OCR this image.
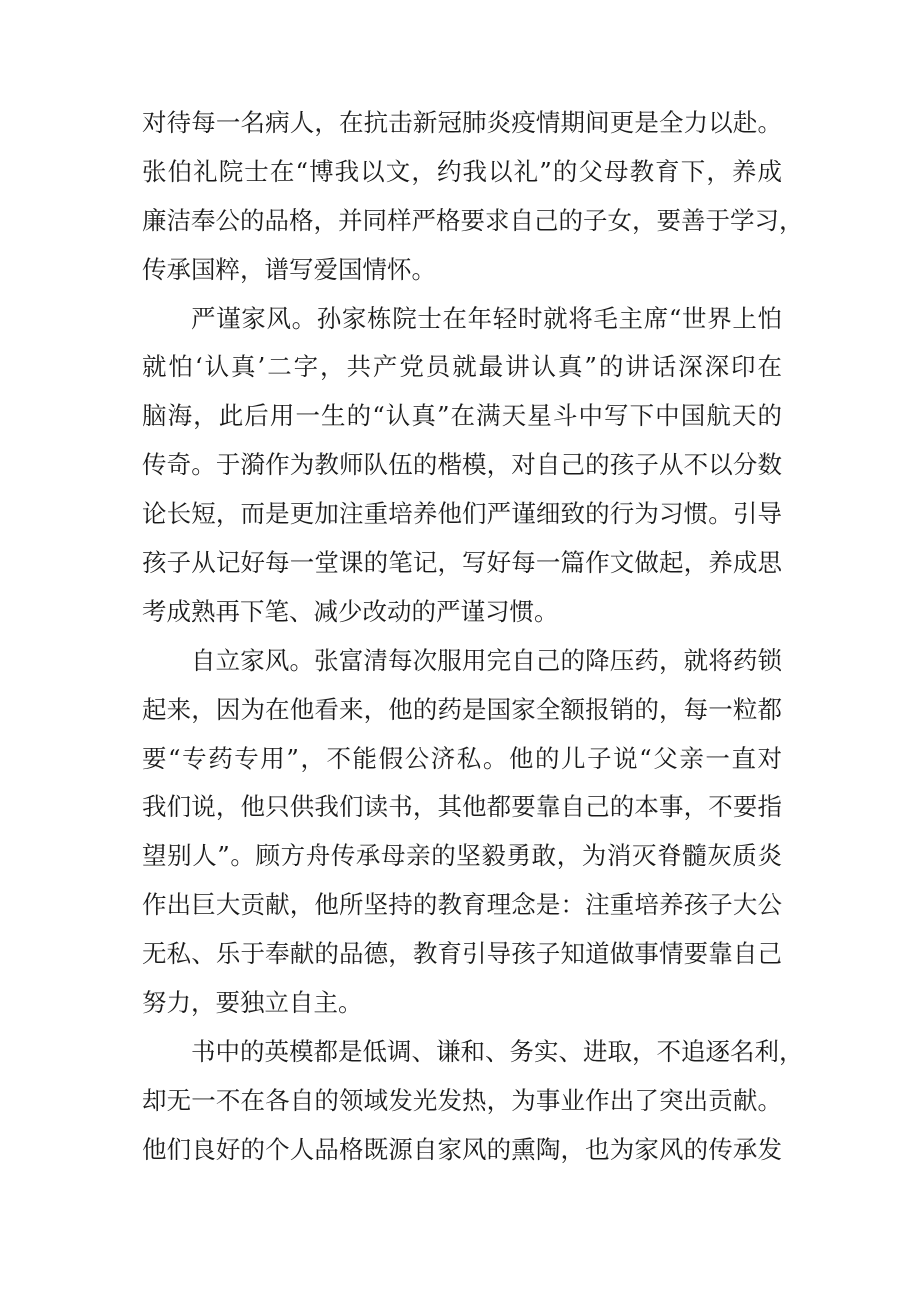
对待每一名病人，在抗击新冠肺炎疫情期间更是全力以赴。
张伯礼院士在“博我以文，约我以礼”的父母教育下，养成
廉洁奉公的品格，并同样严格要求自己的子女，要善于学习，
传承国粹，谱写爱国情怀。
严谨家风。孙家栋院士在年轻时就将毛主席“世界上怕
就怕‘认真’二字，共产党员就最讲认真”的讲话深深印在
脑海，此后用一生的“认真”在满天星斗中写下中国航天的
传奇。于漪作为教师队伍的楷模，对自己的孩子从不以分数
论长短，而是更加注重培养他们严谨细致的行为习惯。引导
孩子从记好每一堂课的笔记，写好每一篇作文做起，养成思
考成熟再下笔、减少改动的严谨习惯。
自立家风。张富清每次服用完自己的降压药，就将药锁
起来，因为在他看来，他的药是国家全额报销的，每一粒都
要“专药专用”，不能假公济私。他的儿子说“父亲一直对
我们说，他只供我们读书，其他都要靠自己的本事，不要指
望别人”。顾方舟传承母亲的坚毅勇敢，为消灭脊髓灰质炎
作出巨大贡献，他所坚持的教育理念是：注重培养孩子大公
无私、乐于奉献的品德，教育引导孩子知道做事情要靠自己
努力，要独立自主。
书中的英模都是低调、谦和、务实、进取，不追逐名利，
却无一不在各自的领域发光发热，为事业作出了突出贡献。
他们良好的个人品格既源自家风的熏陶，也为家风的传承发
